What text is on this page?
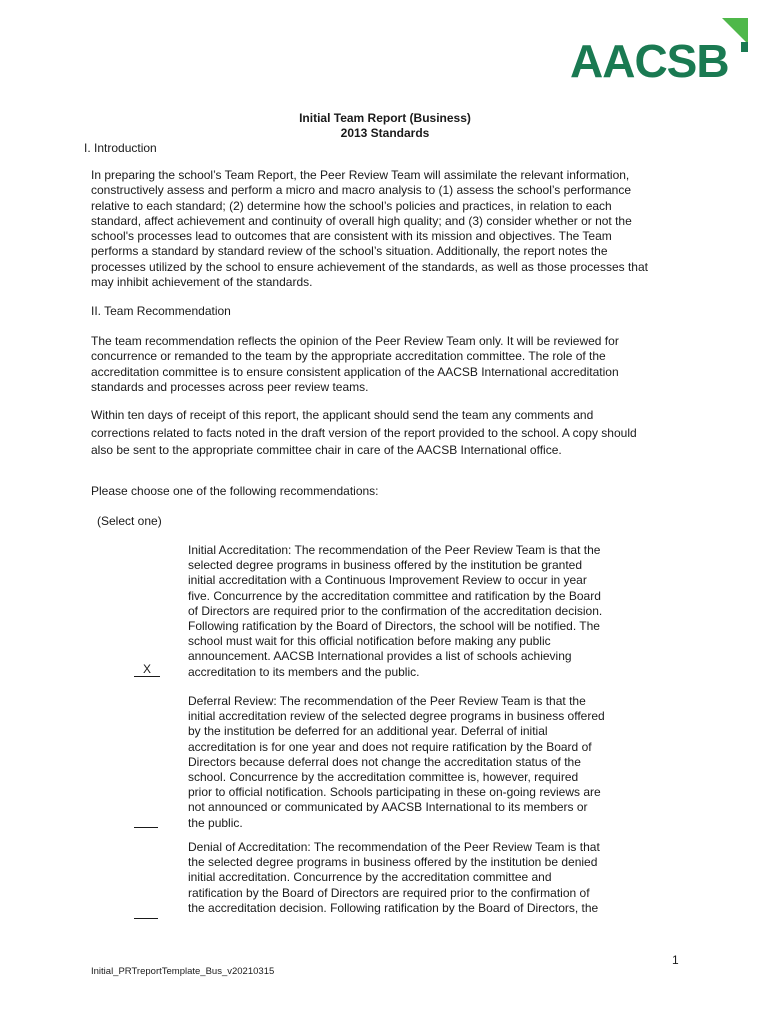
AACSB
Initial Team Report (Business)
2013 Standards
I. Introduction
In preparing the school’s Team Report, the Peer Review Team will assimilate the relevant information,
constructively assess and perform a micro and macro analysis to (1) assess the school’s performance
relative to each standard; (2) determine how the school’s policies and practices, in relation to each
standard, affect achievement and continuity of overall high quality; and (3) consider whether or not the
school's processes lead to outcomes that are consistent with its mission and objectives. The Team
performs a standard by standard review of the school’s situation. Additionally, the report notes the
processes utilized by the school to ensure achievement of the standards, as well as those processes that
may inhibit achievement of the standards.
II. Team Recommendation
The team recommendation reflects the opinion of the Peer Review Team only. It will be reviewed for
concurrence or remanded to the team by the appropriate accreditation committee. The role of the
accreditation committee is to ensure consistent application of the AACSB International accreditation
standards and processes across peer review teams.
Within ten days of receipt of this report, the applicant should send the team any comments and
corrections related to facts noted in the draft version of the report provided to the school. A copy should
also be sent to the appropriate committee chair in care of the AACSB International office.
Please choose one of the following recommendations:
(Select one)
Initial Accreditation: The recommendation of the Peer Review Team is that the
selected degree programs in business offered by the institution be granted
initial accreditation with a Continuous Improvement Review to occur in year
five. Concurrence by the accreditation committee and ratification by the Board
of Directors are required prior to the confirmation of the accreditation decision.
Following ratification by the Board of Directors, the school will be notified. The
school must wait for this official notification before making any public
announcement. AACSB International provides a list of schools achieving
accreditation to its members and the public.
X
Deferral Review: The recommendation of the Peer Review Team is that the
initial accreditation review of the selected degree programs in business offered
by the institution be deferred for an additional year. Deferral of initial
accreditation is for one year and does not require ratification by the Board of
Directors because deferral does not change the accreditation status of the
school. Concurrence by the accreditation committee is, however, required
prior to official notification. Schools participating in these on-going reviews are
not announced or communicated by AACSB International to its members or
the public.
Denial of Accreditation: The recommendation of the Peer Review Team is that
the selected degree programs in business offered by the institution be denied
initial accreditation. Concurrence by the accreditation committee and
ratification by the Board of Directors are required prior to the confirmation of
the accreditation decision. Following ratification by the Board of Directors, the
1
Initial_PRTreportTemplate_Bus_v20210315
